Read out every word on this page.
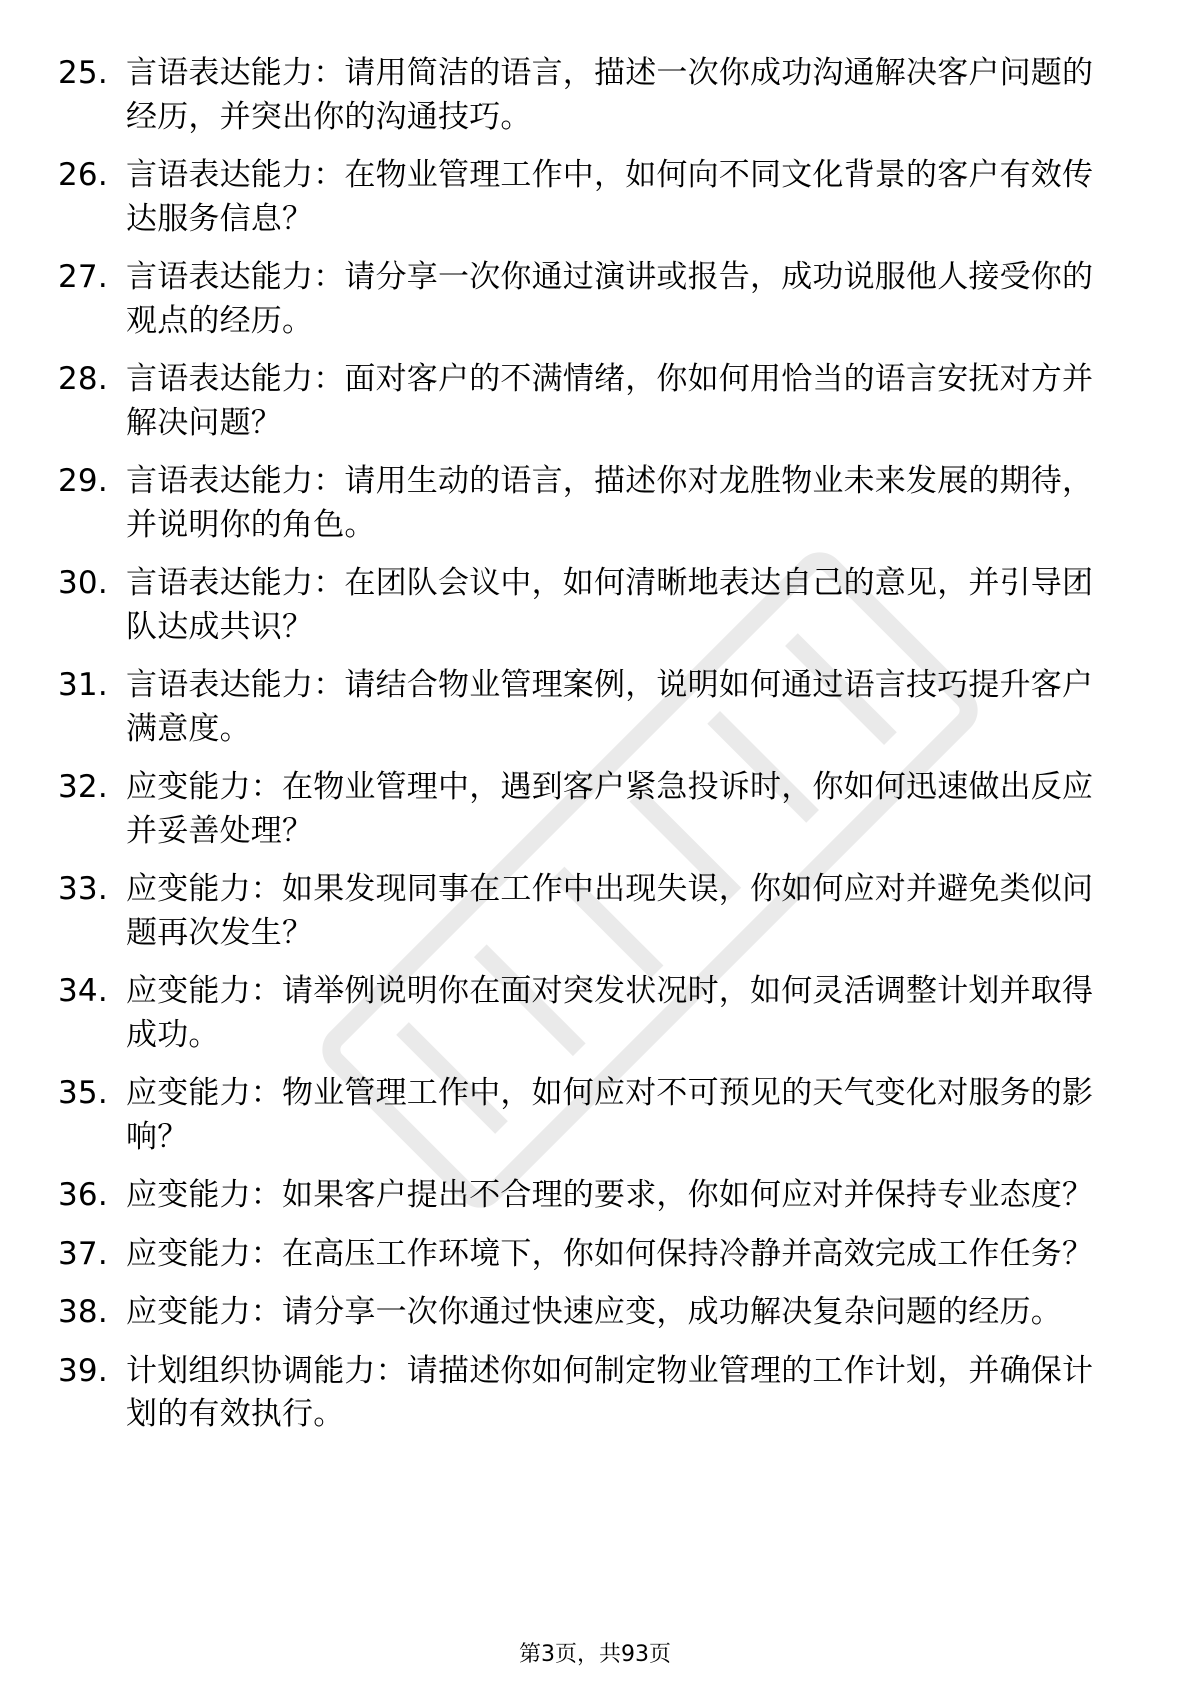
25. 言语表达能力：请用简洁的语言，描述一次你成功沟通解决客户问题的经历，并突出你的沟通技巧。
26. 言语表达能力：在物业管理工作中，如何向不同文化背景的客户有效传达服务信息？
27. 言语表达能力：请分享一次你通过演讲或报告，成功说服他人接受你的观点的经历。
28. 言语表达能力：面对客户的不满情绪，你如何用恰当的语言安抚对方并解决问题？
29. 言语表达能力：请用生动的语言，描述你对龙胜物业未来发展的期待，并说明你的角色。
30. 言语表达能力：在团队会议中，如何清晰地表达自己的意见，并引导团队达成共识？
31. 言语表达能力：请结合物业管理案例，说明如何通过语言技巧提升客户满意度。
32. 应变能力：在物业管理中，遇到客户紧急投诉时，你如何迅速做出反应并妥善处理？
33. 应变能力：如果发现同事在工作中出现失误，你如何应对并避免类似问题再次发生？
34. 应变能力：请举例说明你在面对突发状况时，如何灵活调整计划并取得成功。
35. 应变能力：物业管理工作中，如何应对不可预见的天气变化对服务的影响？
36. 应变能力：如果客户提出不合理的要求，你如何应对并保持专业态度？
37. 应变能力：在高压工作环境下，你如何保持冷静并高效完成工作任务？
38. 应变能力：请分享一次你通过快速应变，成功解决复杂问题的经历。
39. 计划组织协调能力：请描述你如何制定物业管理的工作计划，并确保计划的有效执行。
第3页，共93页
